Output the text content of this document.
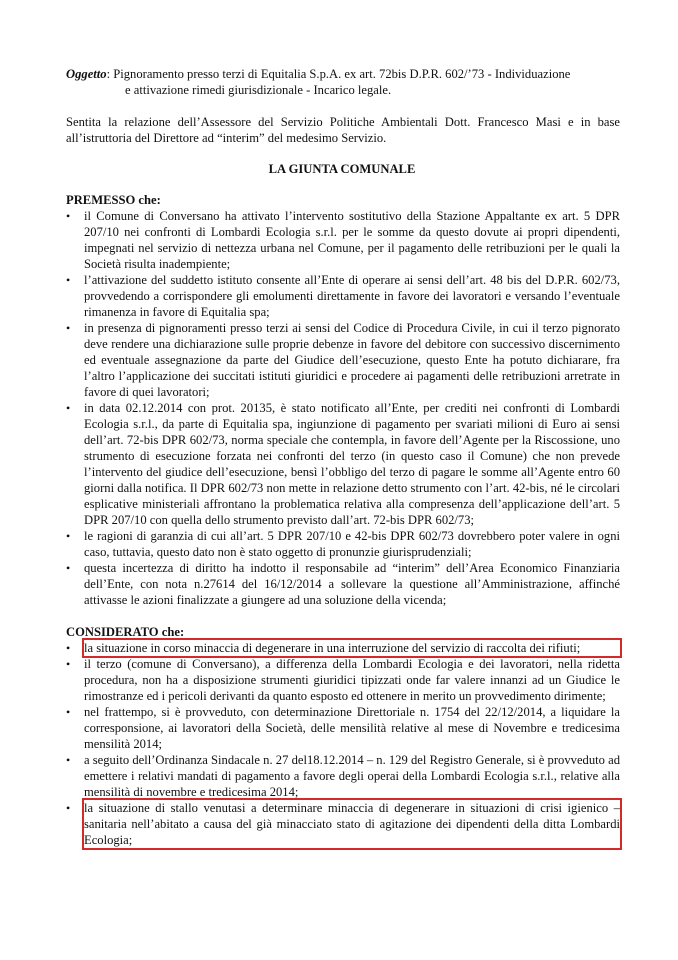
Oggetto: Pignoramento presso terzi di Equitalia S.p.A. ex art. 72bis D.P.R. 602/’73 - Individuazione
e attivazione rimedi giurisdizionale - Incarico legale.

Sentita la relazione dell’Assessore del Servizio Politiche Ambientali Dott. Francesco Masi e in base all’istruttoria del Direttore ad “interim” del medesimo Servizio.

LA GIUNTA COMUNALE

PREMESSO che:

• il Comune di Conversano ha attivato l’intervento sostitutivo della Stazione Appaltante ex art. 5 DPR 207/10 nei confronti di Lombardi Ecologia s.r.l. per le somme da questo dovute ai propri dipendenti, impegnati nel servizio di nettezza urbana nel Comune, per il pagamento delle retribuzioni per le quali la Società risulta inadempiente;
• l’attivazione del suddetto istituto consente all’Ente di operare ai sensi dell’art. 48 bis del D.P.R. 602/73, provvedendo a corrispondere gli emolumenti direttamente in favore dei lavoratori e versando l’eventuale rimanenza in favore di Equitalia spa;
• in presenza di pignoramenti presso terzi ai sensi del Codice di Procedura Civile, in cui il terzo pignorato deve rendere una dichiarazione sulle proprie debenze in favore del debitore con successivo discernimento ed eventuale assegnazione da parte del Giudice dell’esecuzione, questo Ente ha potuto dichiarare, fra l’altro l’applicazione dei succitati istituti giuridici e procedere ai pagamenti delle retribuzioni arretrate in favore di quei lavoratori;
• in data 02.12.2014 con prot. 20135, è stato notificato all’Ente, per crediti nei confronti di Lombardi Ecologia s.r.l., da parte di Equitalia spa, ingiunzione di pagamento per svariati milioni di Euro ai sensi dell’art. 72-bis DPR 602/73, norma speciale che contempla, in favore dell’Agente per la Riscossione, uno strumento di esecuzione forzata nei confronti del terzo (in questo caso il Comune) che non prevede l’intervento del giudice dell’esecuzione, bensì l’obbligo del terzo di pagare le somme all’Agente entro 60 giorni dalla notifica. Il DPR 602/73 non mette in relazione detto strumento con l’art. 42-bis, né le circolari esplicative ministeriali affrontano la problematica relativa alla compresenza dell’applicazione dell’art. 5 DPR 207/10 con quella dello strumento previsto dall’art. 72-bis DPR 602/73;
• le ragioni di garanzia di cui all’art. 5 DPR 207/10 e 42-bis DPR 602/73 dovrebbero poter valere in ogni caso, tuttavia, questo dato non è stato oggetto di pronunzie giurisprudenziali;
• questa incertezza di diritto ha indotto il responsabile ad “interim” dell’Area Economico Finanziaria dell’Ente, con nota n.27614 del 16/12/2014 a sollevare la questione all’Amministrazione, affinché attivasse le azioni finalizzate a giungere ad una soluzione della vicenda;

CONSIDERATO che:

• la situazione in corso minaccia di degenerare in una interruzione del servizio di raccolta dei rifiuti;
• il terzo (comune di Conversano), a differenza della Lombardi Ecologia e dei lavoratori, nella ridetta procedura, non ha a disposizione strumenti giuridici tipizzati onde far valere innanzi ad un Giudice le rimostranze ed i pericoli derivanti da quanto esposto ed ottenere in merito un provvedimento dirimente;
• nel frattempo, si è provveduto, con determinazione Direttoriale n. 1754 del 22/12/2014, a liquidare la corresponsione, ai lavoratori della Società, delle mensilità relative al mese di Novembre e tredicesima mensilità 2014;
• a seguito dell’Ordinanza Sindacale n. 27 del18.12.2014 – n. 129 del Registro Generale, si è provveduto ad emettere i relativi mandati di pagamento a favore degli operai della Lombardi Ecologia s.r.l., relative alla mensilità di novembre e tredicesima 2014;
• la situazione di stallo venutasi a determinare minaccia di degenerare in situazioni di crisi igienico – sanitaria nell’abitato a causa del già minacciato stato di agitazione dei dipendenti della ditta Lombardi Ecologia;
